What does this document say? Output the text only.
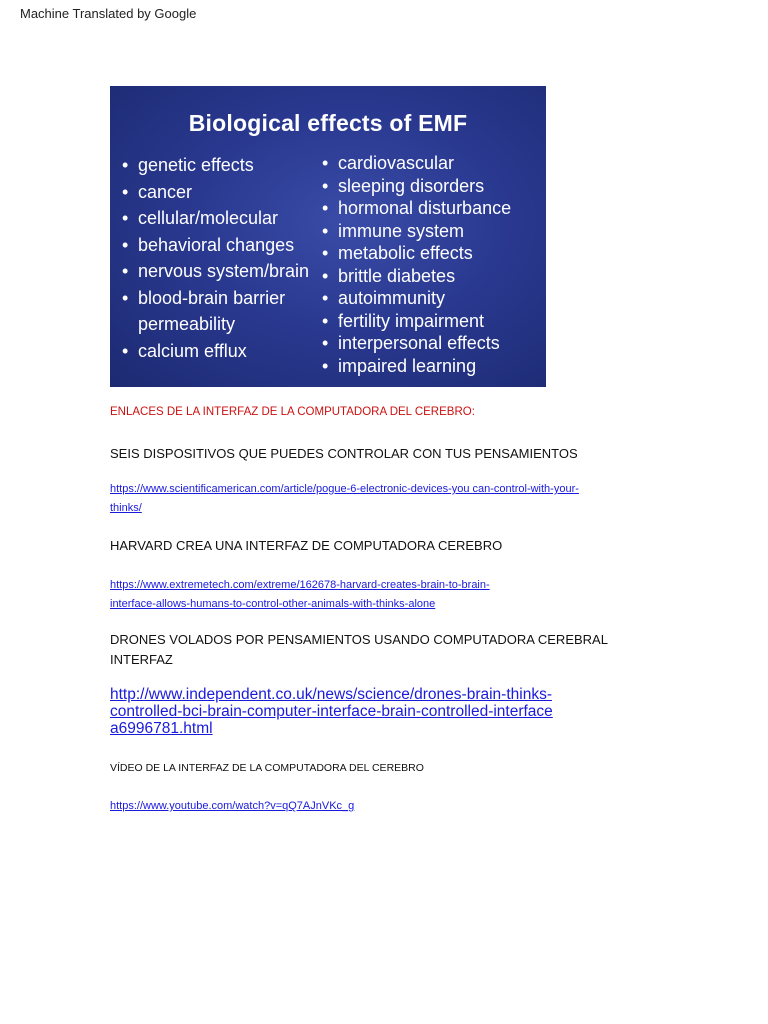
Machine Translated by Google
Biological effects of EMF
• genetic effects
• cancer
• cellular/molecular
• behavioral changes
• nervous system/brain
• blood-brain barrier
permeability
• calcium efflux
• cardiovascular
• sleeping disorders
• hormonal disturbance
• immune system
• metabolic effects
• brittle diabetes
• autoimmunity
• fertility impairment
• interpersonal effects
• impaired learning
ENLACES DE LA INTERFAZ DE LA COMPUTADORA DEL CEREBRO:
SEIS DISPOSITIVOS QUE PUEDES CONTROLAR CON TUS PENSAMIENTOS
https://www.scientificamerican.com/article/pogue-6-electronic-devices-you can-control-with-your-
thinks/
HARVARD CREA UNA INTERFAZ DE COMPUTADORA CEREBRO
https://www.extremetech.com/extreme/162678-harvard-creates-brain-to-brain-
interface-allows-humans-to-control-other-animals-with-thinks-alone
DRONES VOLADOS POR PENSAMIENTOS USANDO COMPUTADORA CEREBRAL
INTERFAZ
http://www.independent.co.uk/news/science/drones-brain-thinks-
controlled-bci-brain-computer-interface-brain-controlled-interface
a6996781.html
VÍDEO DE LA INTERFAZ DE LA COMPUTADORA DEL CEREBRO
https://www.youtube.com/watch?v=qQ7AJnVKc_g
